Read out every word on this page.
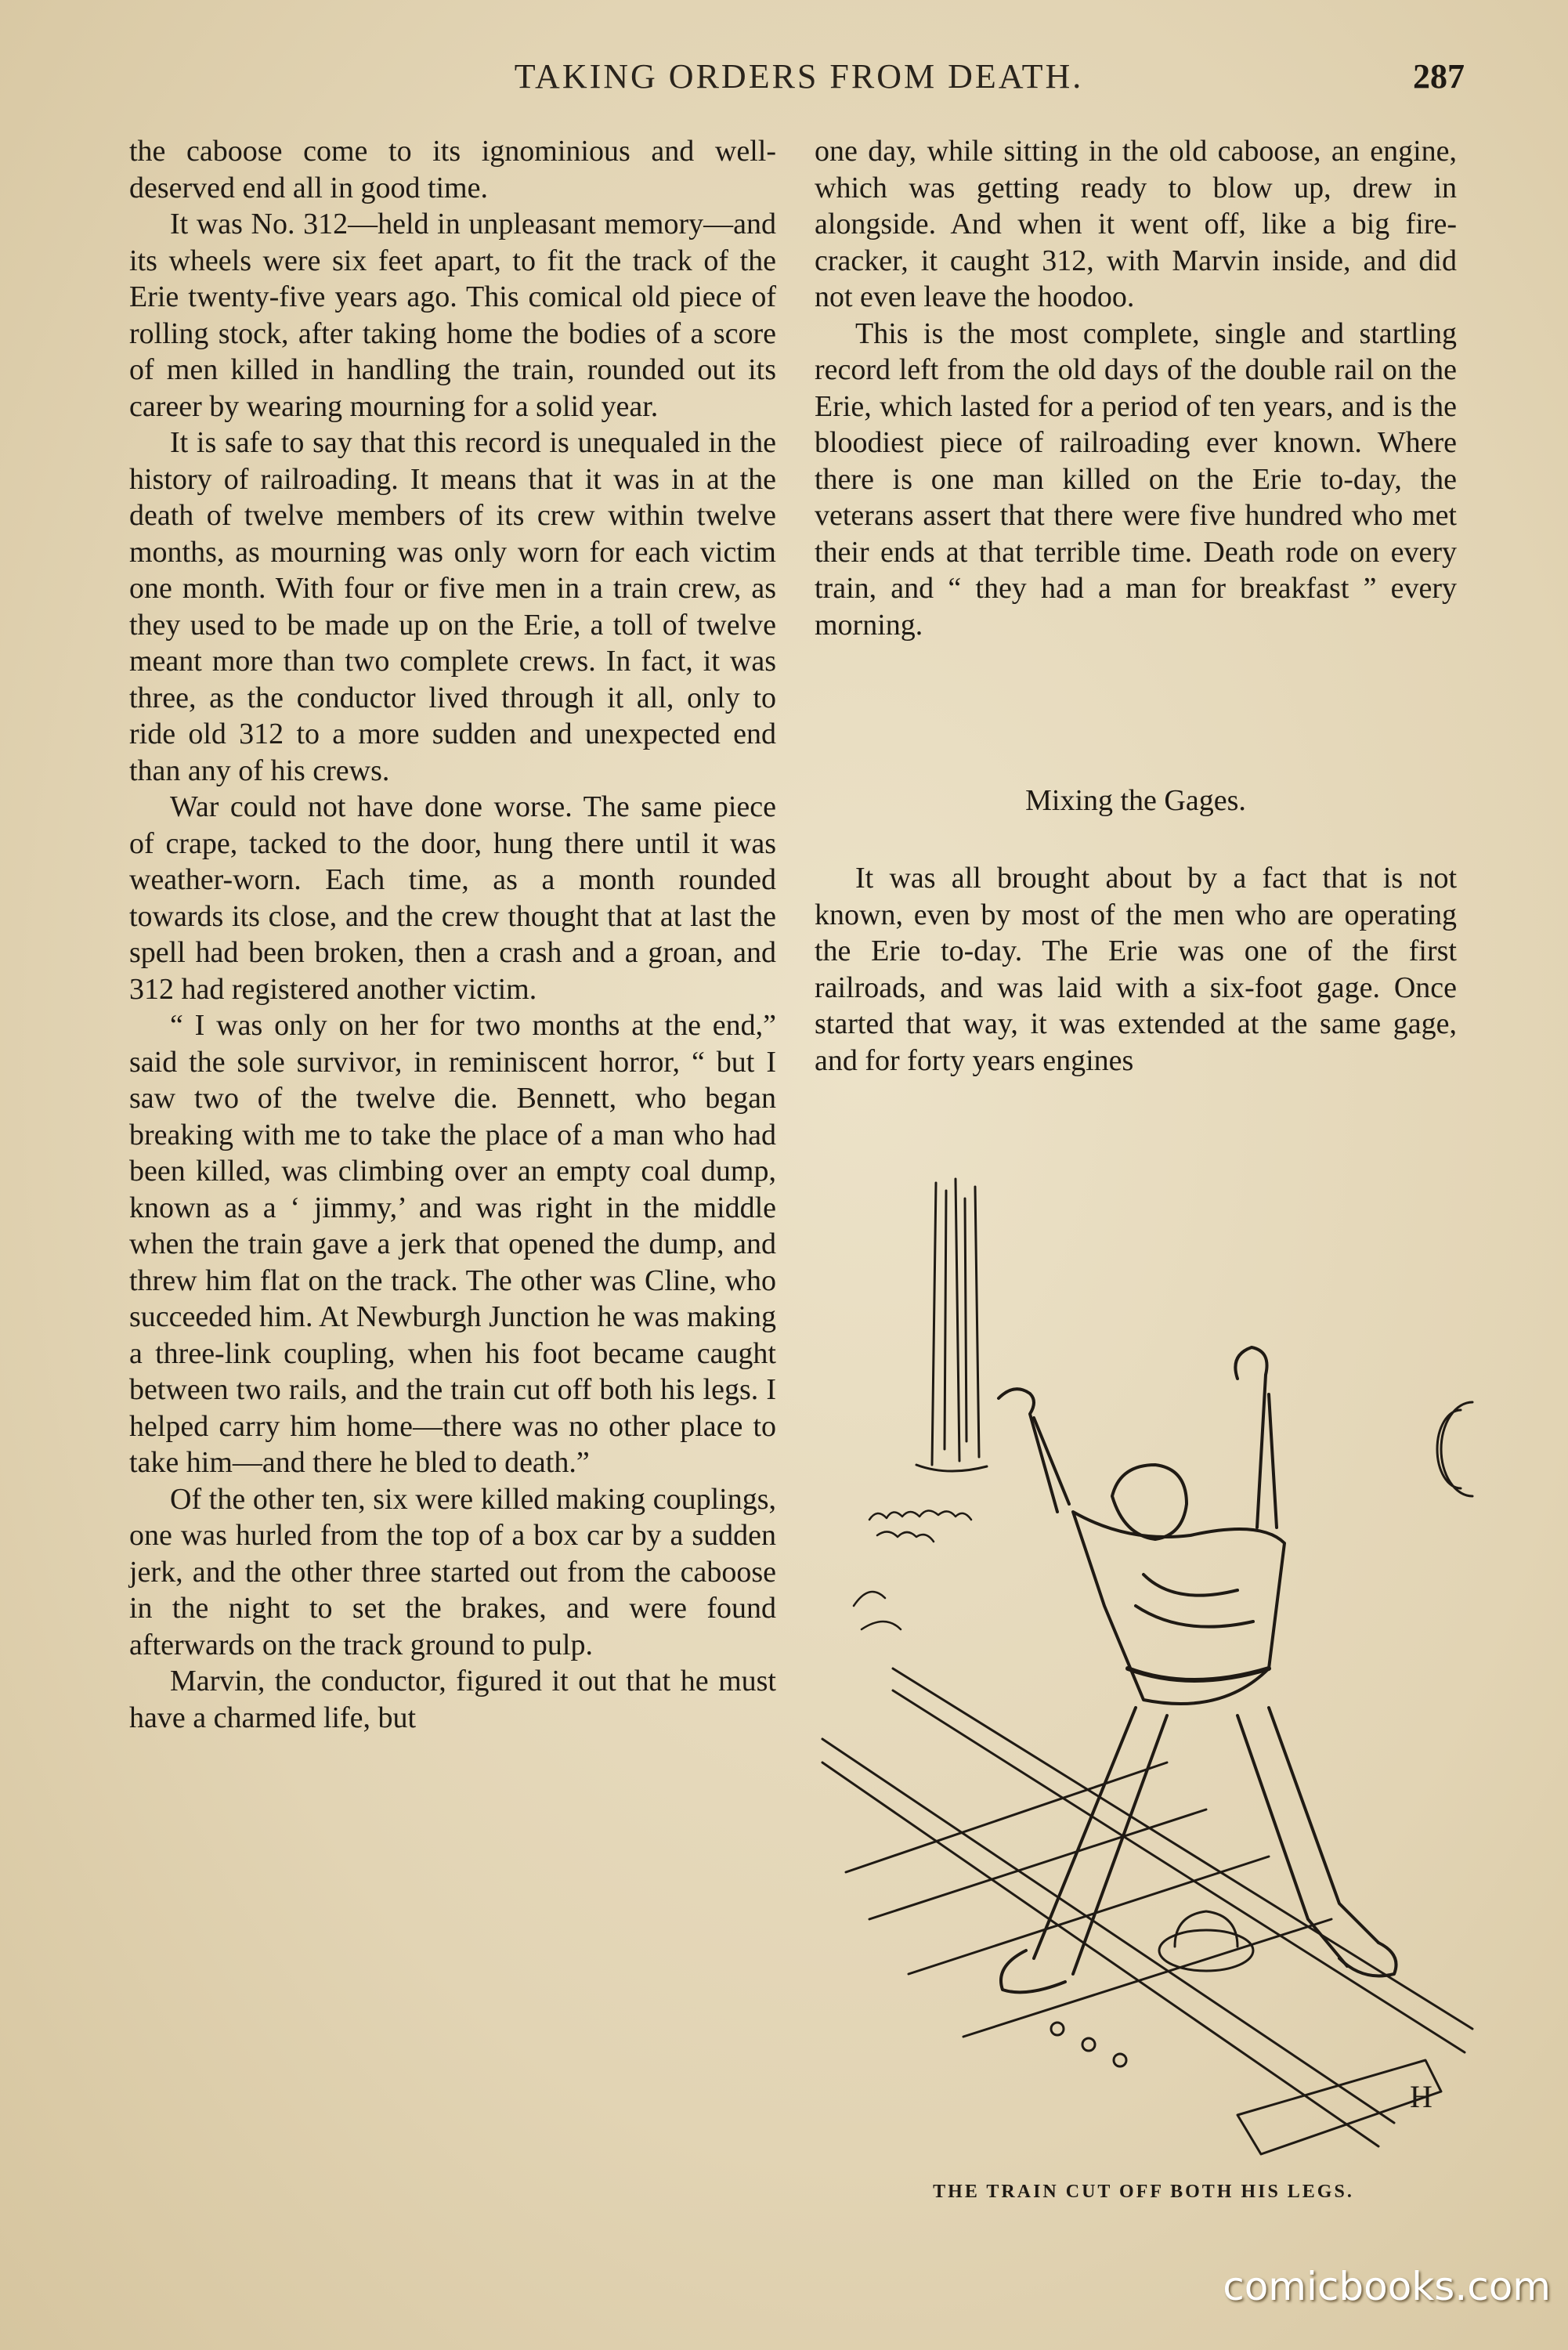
TAKING ORDERS FROM DEATH.	287

the caboose come to its ignominious and well-deserved end all in good time.

It was No. 312—held in unpleasant memory—and its wheels were six feet apart, to fit the track of the Erie twenty-five years ago. This comical old piece of rolling stock, after taking home the bodies of a score of men killed in handling the train, rounded out its career by wearing mourning for a solid year.

It is safe to say that this record is unequaled in the history of railroading. It means that it was in at the death of twelve members of its crew within twelve months, as mourning was only worn for each victim one month. With four or five men in a train crew, as they used to be made up on the Erie, a toll of twelve meant more than two complete crews. In fact, it was three, as the conductor lived through it all, only to ride old 312 to a more sudden and unexpected end than any of his crews.

War could not have done worse. The same piece of crape, tacked to the door, hung there until it was weather-worn. Each time, as a month rounded towards its close, and the crew thought that at last the spell had been broken, then a crash and a groan, and 312 had registered another victim.

“ I was only on her for two months at the end,” said the sole survivor, in reminiscent horror, “ but I saw two of the twelve die. Bennett, who began breaking with me to take the place of a man who had been killed, was climbing over an empty coal dump, known as a ‘ jimmy,’ and was right in the middle when the train gave a jerk that opened the dump, and threw him flat on the track. The other was Cline, who succeeded him. At Newburgh Junction he was making a three-link coupling, when his foot became caught between two rails, and the train cut off both his legs. I helped carry him home—there was no other place to take him—and there he bled to death.”

Of the other ten, six were killed making couplings, one was hurled from the top of a box car by a sudden jerk, and the other three started out from the caboose in the night to set the brakes, and were found afterwards on the track ground to pulp.

Marvin, the conductor, figured it out that he must have a charmed life, but

one day, while sitting in the old caboose, an engine, which was getting ready to blow up, drew in alongside. And when it went off, like a big fire-cracker, it caught 312, with Marvin inside, and did not even leave the hoodoo.

This is the most complete, single and startling record left from the old days of the double rail on the Erie, which lasted for a period of ten years, and is the bloodiest piece of railroading ever known. Where there is one man killed on the Erie to-day, the veterans assert that there were five hundred who met their ends at that terrible time. Death rode on every train, and “ they had a man for breakfast ” every morning.

Mixing the Gages.

It was all brought about by a fact that is not known, even by most of the men who are operating the Erie to-day. The Erie was one of the first railroads, and was laid with a six-foot gage. Once started that way, it was extended at the same gage, and for forty years engines

H
THE TRAIN CUT OFF BOTH HIS LEGS.
comicbooks.com
